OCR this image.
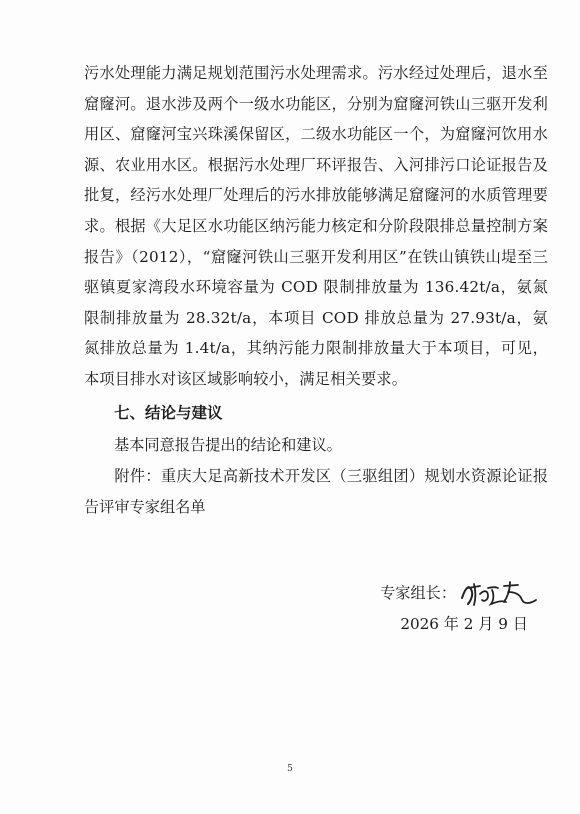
污水处理能力满足规划范围污水处理需求。污水经过处理后，退水至窟窿河。退水涉及两个一级水功能区，分别为窟窿河铁山三驱开发利用区、窟窿河宝兴珠溪保留区，二级水功能区一个，为窟窿河饮用水源、农业用水区。根据污水处理厂环评报告、入河排污口论证报告及批复，经污水处理厂处理后的污水排放能够满足窟窿河的水质管理要求。根据《大足区水功能区纳污能力核定和分阶段限排总量控制方案报告》（2012），“窟窿河铁山三驱开发利用区”在铁山镇铁山堤至三驱镇夏家湾段水环境容量为 COD 限制排放量为 136.42t/a，氨氮限制排放量为 28.32t/a，本项目 COD 排放总量为 27.93t/a，氨氮排放总量为 1.4t/a，其纳污能力限制排放量大于本项目，可见，本项目排水对该区域影响较小，满足相关要求。

七、结论与建议
基本同意报告提出的结论和建议。
附件：重庆大足高新技术开发区（三驱组团）规划水资源论证报告评审专家组名单
专家组长：
2026 年 2 月 9 日
5
